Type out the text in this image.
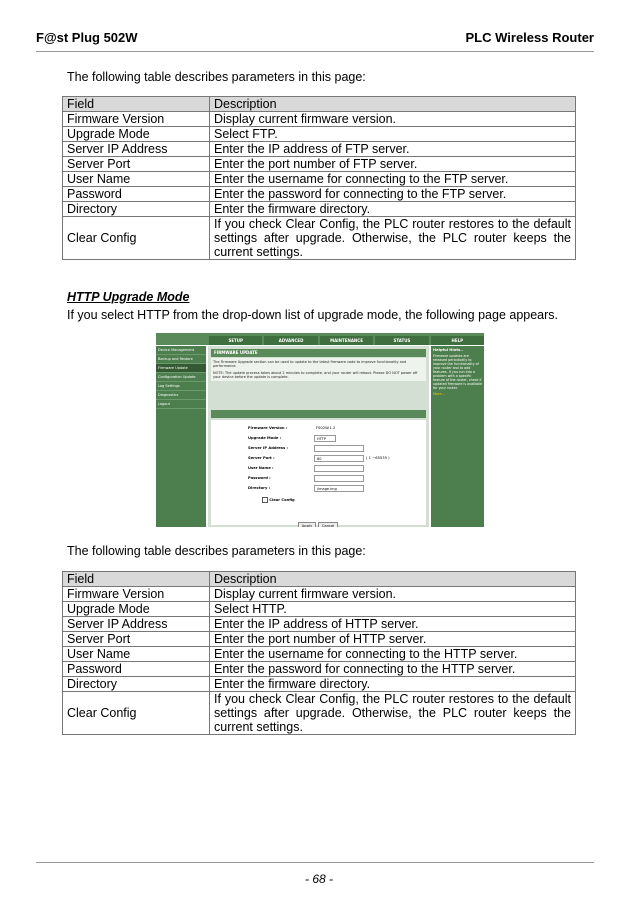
F@st Plug 502W	PLC Wireless Router
The following table describes parameters in this page:
Field	Description
Firmware Version	Display current firmware version.
Upgrade Mode	Select FTP.
Server IP Address	Enter the IP address of FTP server.
Server Port	Enter the port number of FTP server.
User Name	Enter the username for connecting to the FTP server.
Password	Enter the password for connecting to the FTP server.
Directory	Enter the firmware directory.
Clear Config	If you check Clear Config, the PLC router restores to the default settings after upgrade. Otherwise, the PLC router keeps the current settings.
HTTP Upgrade Mode
If you select HTTP from the drop-down list of upgrade mode, the following page appears.
SETUP	ADVANCED	MAINTENANCE	STATUS	HELP
Device Management
Backup and Restore
Firmware Update
Configuration Update
Log Settings
Diagnostics
Logout
FIRMWARE UPDATE
The Firmware Upgrade section can be used to update to the latest firmware code to improve functionality and performance.
NOTE: The update process takes about 2 minutes to complete, and your router will reboot. Please DO NOT power off your device before the update is complete.
Firmware Version :	FS02W.1.2
Upgrade Mode :	HTTP
Server IP Address :
Server Port :	80	( 1 ~65535 )
User Name :
Password :
Directory :	/image.img
Clear Config
Apply	Cancel
Helpful Hints..
Firmware updates are released periodically to improve the functionality of your router and to add features. If you run into a problem with a specific feature of the router, check if updated firmware is available for your router.
More...
The following table describes parameters in this page:
Field	Description
Firmware Version	Display current firmware version.
Upgrade Mode	Select HTTP.
Server IP Address	Enter the IP address of HTTP server.
Server Port	Enter the port number of HTTP server.
User Name	Enter the username for connecting to the HTTP server.
Password	Enter the password for connecting to the HTTP server.
Directory	Enter the firmware directory.
Clear Config	If you check Clear Config, the PLC router restores to the default settings after upgrade. Otherwise, the PLC router keeps the current settings.
- 68 -
